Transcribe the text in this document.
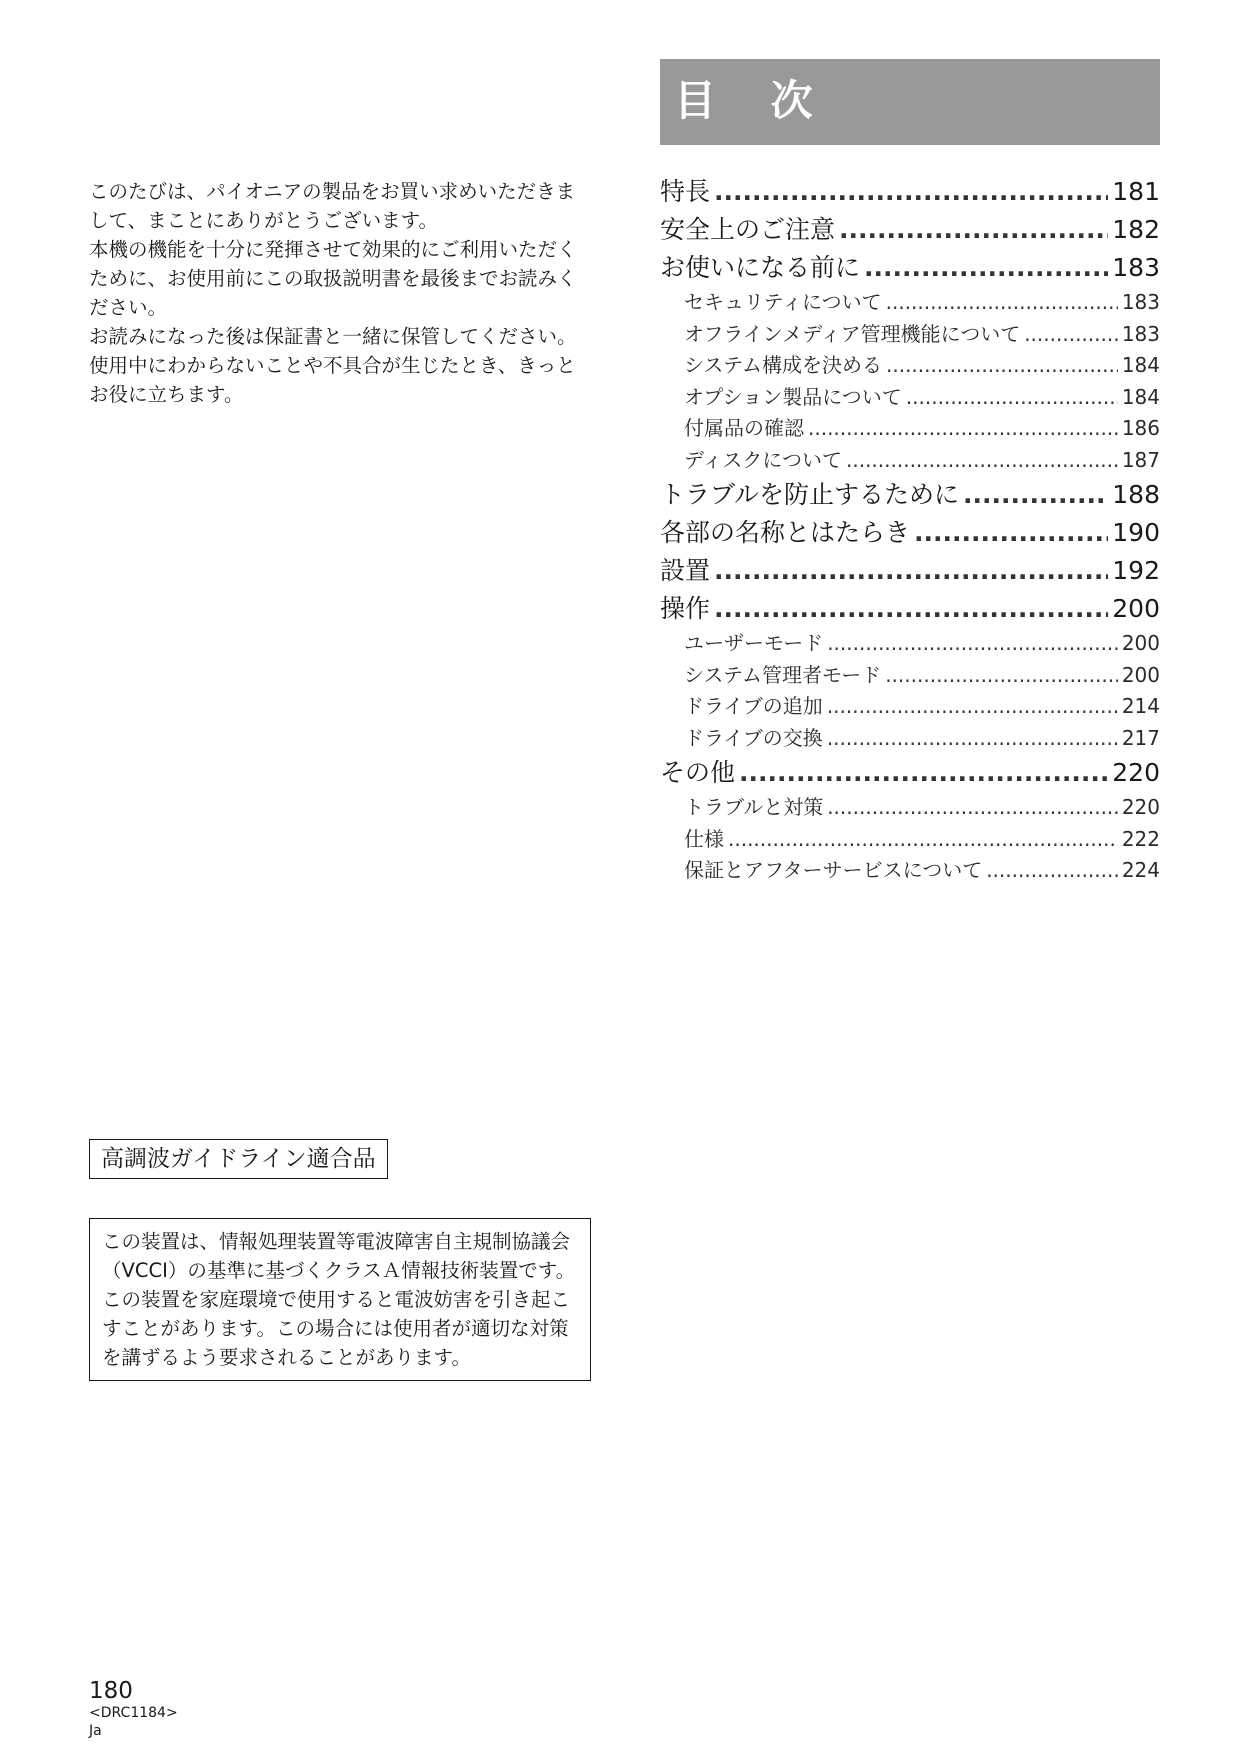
このたびは、パイオニアの製品をお買い求めいただきまして、まことにありがとうございます。

本機の機能を十分に発揮させて効果的にご利用いただくために、お使用前にこの取扱説明書を最後までお読みください。

お読みになった後は保証書と一緒に保管してください。

使用中にわからないことや不具合が生じたとき、きっとお役に立ちます。

目 次
特長 .....	181
安全上のご注意 .....	182
お使いになる前に .....	183
セキュリティについて .....	183
オフラインメディア管理機能について .....	183
システム構成を決める .....	184
オプション製品について .....	184
付属品の確認 .....	186
ディスクについて .....	187
トラブルを防止するために .....	188
各部の名称とはたらき .....	190
設置 .....	192
操作 .....	200
ユーザーモード .....	200
システム管理者モード .....	200
ドライブの追加 .....	214
ドライブの交換 .....	217
その他 .....	220
トラブルと対策 .....	220
仕様 .....	222
保証とアフターサービスについて .....	224
高調波ガイドライン適合品

この装置は、情報処理装置等電波障害自主規制協議会（VCCI）の基準に基づくクラスＡ情報技術装置です。この装置を家庭環境で使用すると電波妨害を引き起こすことがあります。この場合には使用者が適切な対策を講ずるよう要求されることがあります。

180
<DRC1184>
Ja
